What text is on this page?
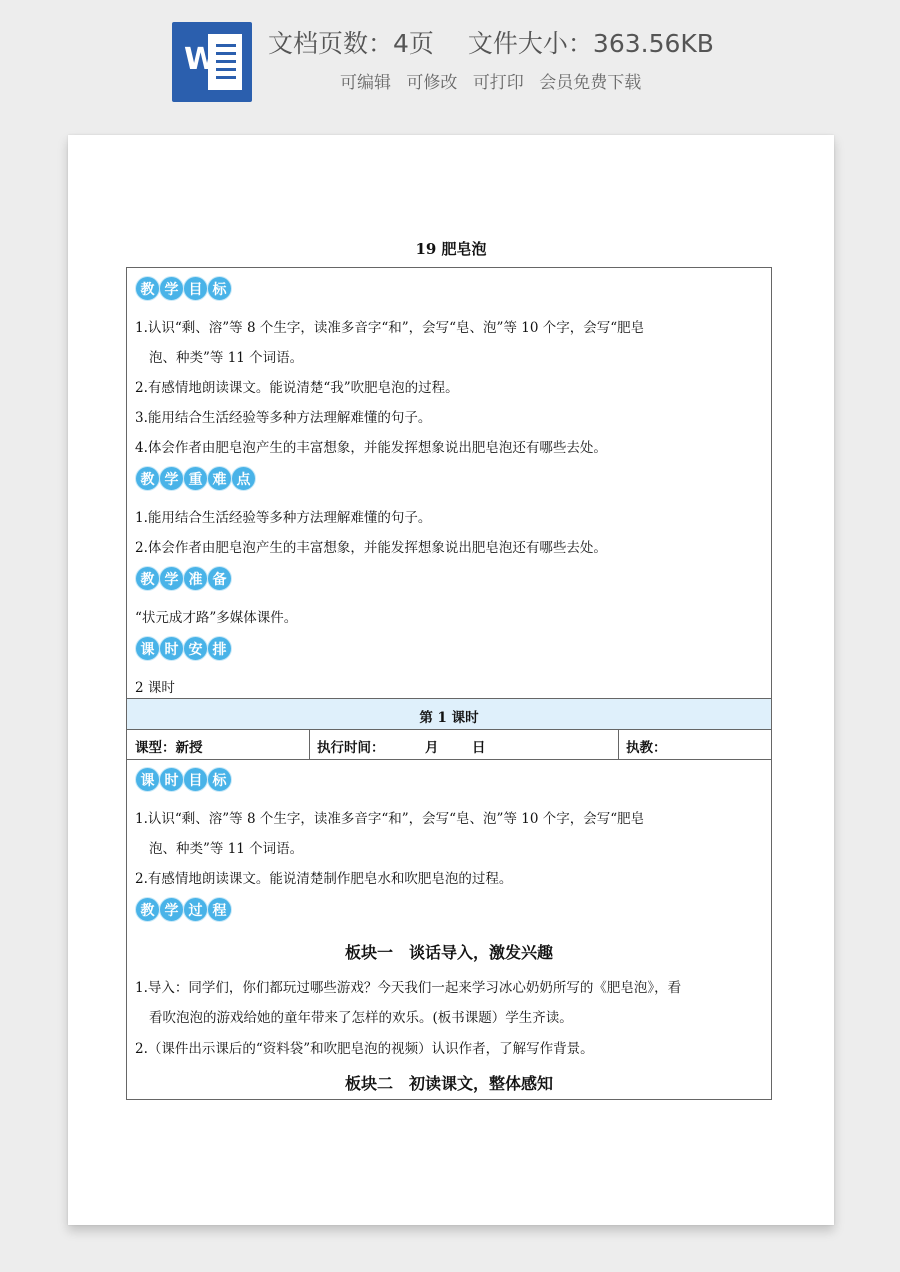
W 文档页数：4页 文件大小：363.56KB
可编辑 可修改 可打印 会员免费下载
19 肥皂泡
教 学 目 标
1.认识“剩、溶”等 8 个生字，读准多音字“和”，会写“皂、泡”等 10 个字，会写“肥皂
泡、种类”等 11 个词语。
2.有感情地朗读课文。能说清楚“我”吹肥皂泡的过程。
3.能用结合生活经验等多种方法理解难懂的句子。
4.体会作者由肥皂泡产生的丰富想象，并能发挥想象说出肥皂泡还有哪些去处。
教 学 重 难 点
1.能用结合生活经验等多种方法理解难懂的句子。
2.体会作者由肥皂泡产生的丰富想象，并能发挥想象说出肥皂泡还有哪些去处。
教 学 准 备
“状元成才路”多媒体课件。
课 时 安 排
2 课时
第 1 课时
课型：新授	执行时间：	月 日	执教：
课 时 目 标
1.认识“剩、溶”等 8 个生字，读准多音字“和”，会写“皂、泡”等 10 个字，会写“肥皂
泡、种类”等 11 个词语。
2.有感情地朗读课文。能说清楚制作肥皂水和吹肥皂泡的过程。
教 学 过 程
板块一　谈话导入，激发兴趣
1.导入：同学们，你们都玩过哪些游戏？今天我们一起来学习冰心奶奶所写的《肥皂泡》，看
看吹泡泡的游戏给她的童年带来了怎样的欢乐。(板书课题）学生齐读。
2.（课件出示课后的“资料袋”和吹肥皂泡的视频）认识作者，了解写作背景。
板块二　初读课文，整体感知
